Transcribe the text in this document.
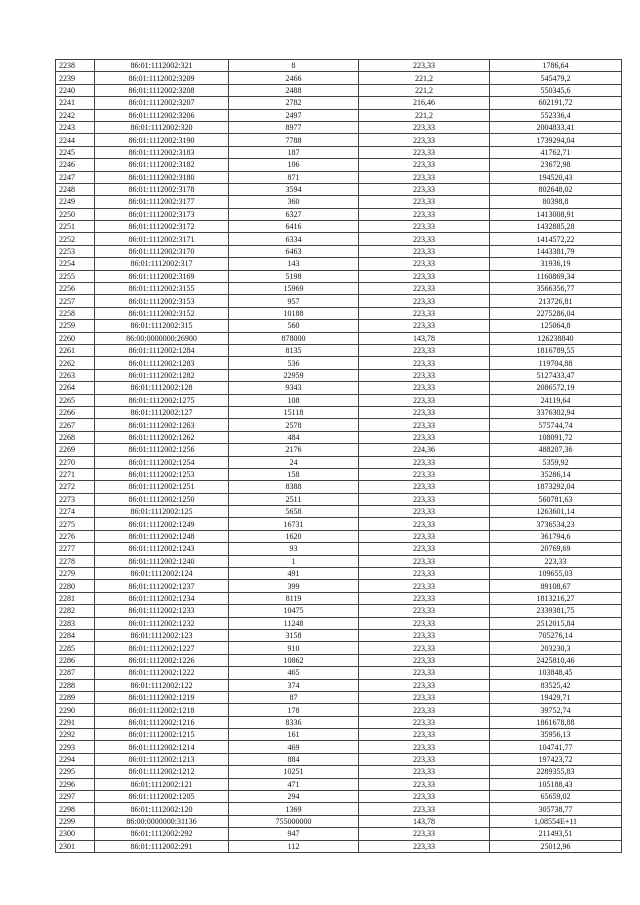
2238	86:01:1112002:321	8	223,33	1786,64
2239	86:01:1112002:3209	2466	221,2	545479,2
2240	86:01:1112002:3208	2488	221,2	550345,6
2241	86:01:1112002:3207	2782	216,46	602191,72
2242	86:01:1112002:3206	2497	221,2	552336,4
2243	86:01:1112002:320	8977	223,33	2004833,41
2244	86:01:1112002:3190	7788	223,33	1739294,04
2245	86:01:1112002:3183	187	223,33	41762,71
2246	86:01:1112002:3182	106	223,33	23672,98
2247	86:01:1112002:3180	871	223,33	194520,43
2248	86:01:1112002:3178	3594	223,33	802648,02
2249	86:01:1112002:3177	360	223,33	80398,8
2250	86:01:1112002:3173	6327	223,33	1413008,91
2251	86:01:1112002:3172	6416	223,33	1432885,28
2252	86:01:1112002:3171	6334	223,33	1414572,22
2253	86:01:1112002:3170	6463	223,33	1443381,79
2254	86:01:1112002:317	143	223,33	31936,19
2255	86:01:1112002:3169	5198	223,33	1160869,34
2256	86:01:1112002:3155	15969	223,33	3566356,77
2257	86:01:1112002:3153	957	223,33	213726,81
2258	86:01:1112002:3152	10188	223,33	2275286,04
2259	86:01:1112002:315	560	223,33	125064,8
2260	86:00:0000000:26900	878000	143,78	126238840
2261	86:01:1112002:1284	8135	223,33	1816789,55
2262	86:01:1112002:1283	536	223,33	119704,88
2263	86:01:1112002:1282	22959	223,33	5127433,47
2264	86:01:1112002:128	9343	223,33	2086572,19
2265	86:01:1112002:1275	108	223,33	24119,64
2266	86:01:1112002:127	15118	223,33	3376302,94
2267	86:01:1112002:1263	2578	223,33	575744,74
2268	86:01:1112002:1262	484	223,33	108091,72
2269	86:01:1112002:1256	2176	224,36	488207,36
2270	86:01:1112002:1254	24	223,33	5359,92
2271	86:01:1112002:1253	158	223,33	35286,14
2272	86:01:1112002:1251	8388	223,33	1873292,04
2273	86:01:1112002:1250	2511	223,33	560781,63
2274	86:01:1112002:125	5658	223,33	1263601,14
2275	86:01:1112002:1249	16731	223,33	3736534,23
2276	86:01:1112002:1248	1620	223,33	361794,6
2277	86:01:1112002:1243	93	223,33	20769,69
2278	86:01:1112002:1240	1	223,33	223,33
2279	86:01:1112002:124	491	223,33	109655,03
2280	86:01:1112002:1237	399	223,33	89108,67
2281	86:01:1112002:1234	8119	223,33	1813216,27
2282	86:01:1112002:1233	10475	223,33	2339381,75
2283	86:01:1112002:1232	11248	223,33	2512015,84
2284	86:01:1112002:123	3158	223,33	705276,14
2285	86:01:1112002:1227	910	223,33	203230,3
2286	86:01:1112002:1226	10862	223,33	2425810,46
2287	86:01:1112002:1222	465	223,33	103848,45
2288	86:01:1112002:122	374	223,33	83525,42
2289	86:01:1112002:1219	87	223,33	19429,71
2290	86:01:1112002:1218	178	223,33	39752,74
2291	86:01:1112002:1216	8336	223,33	1861678,88
2292	86:01:1112002:1215	161	223,33	35956,13
2293	86:01:1112002:1214	469	223,33	104741,77
2294	86:01:1112002:1213	884	223,33	197423,72
2295	86:01:1112002:1212	10251	223,33	2289355,83
2296	86:01:1112002:121	471	223,33	105188,43
2297	86:01:1112002:1205	294	223,33	65659,02
2298	86:01:1112002:120	1369	223,33	305738,77
2299	86:00:0000000:31136	755000000	143,78	1,08554E+11
2300	86:01:1112002:292	947	223,33	211493,51
2301	86:01:1112002:291	112	223,33	25012,96
